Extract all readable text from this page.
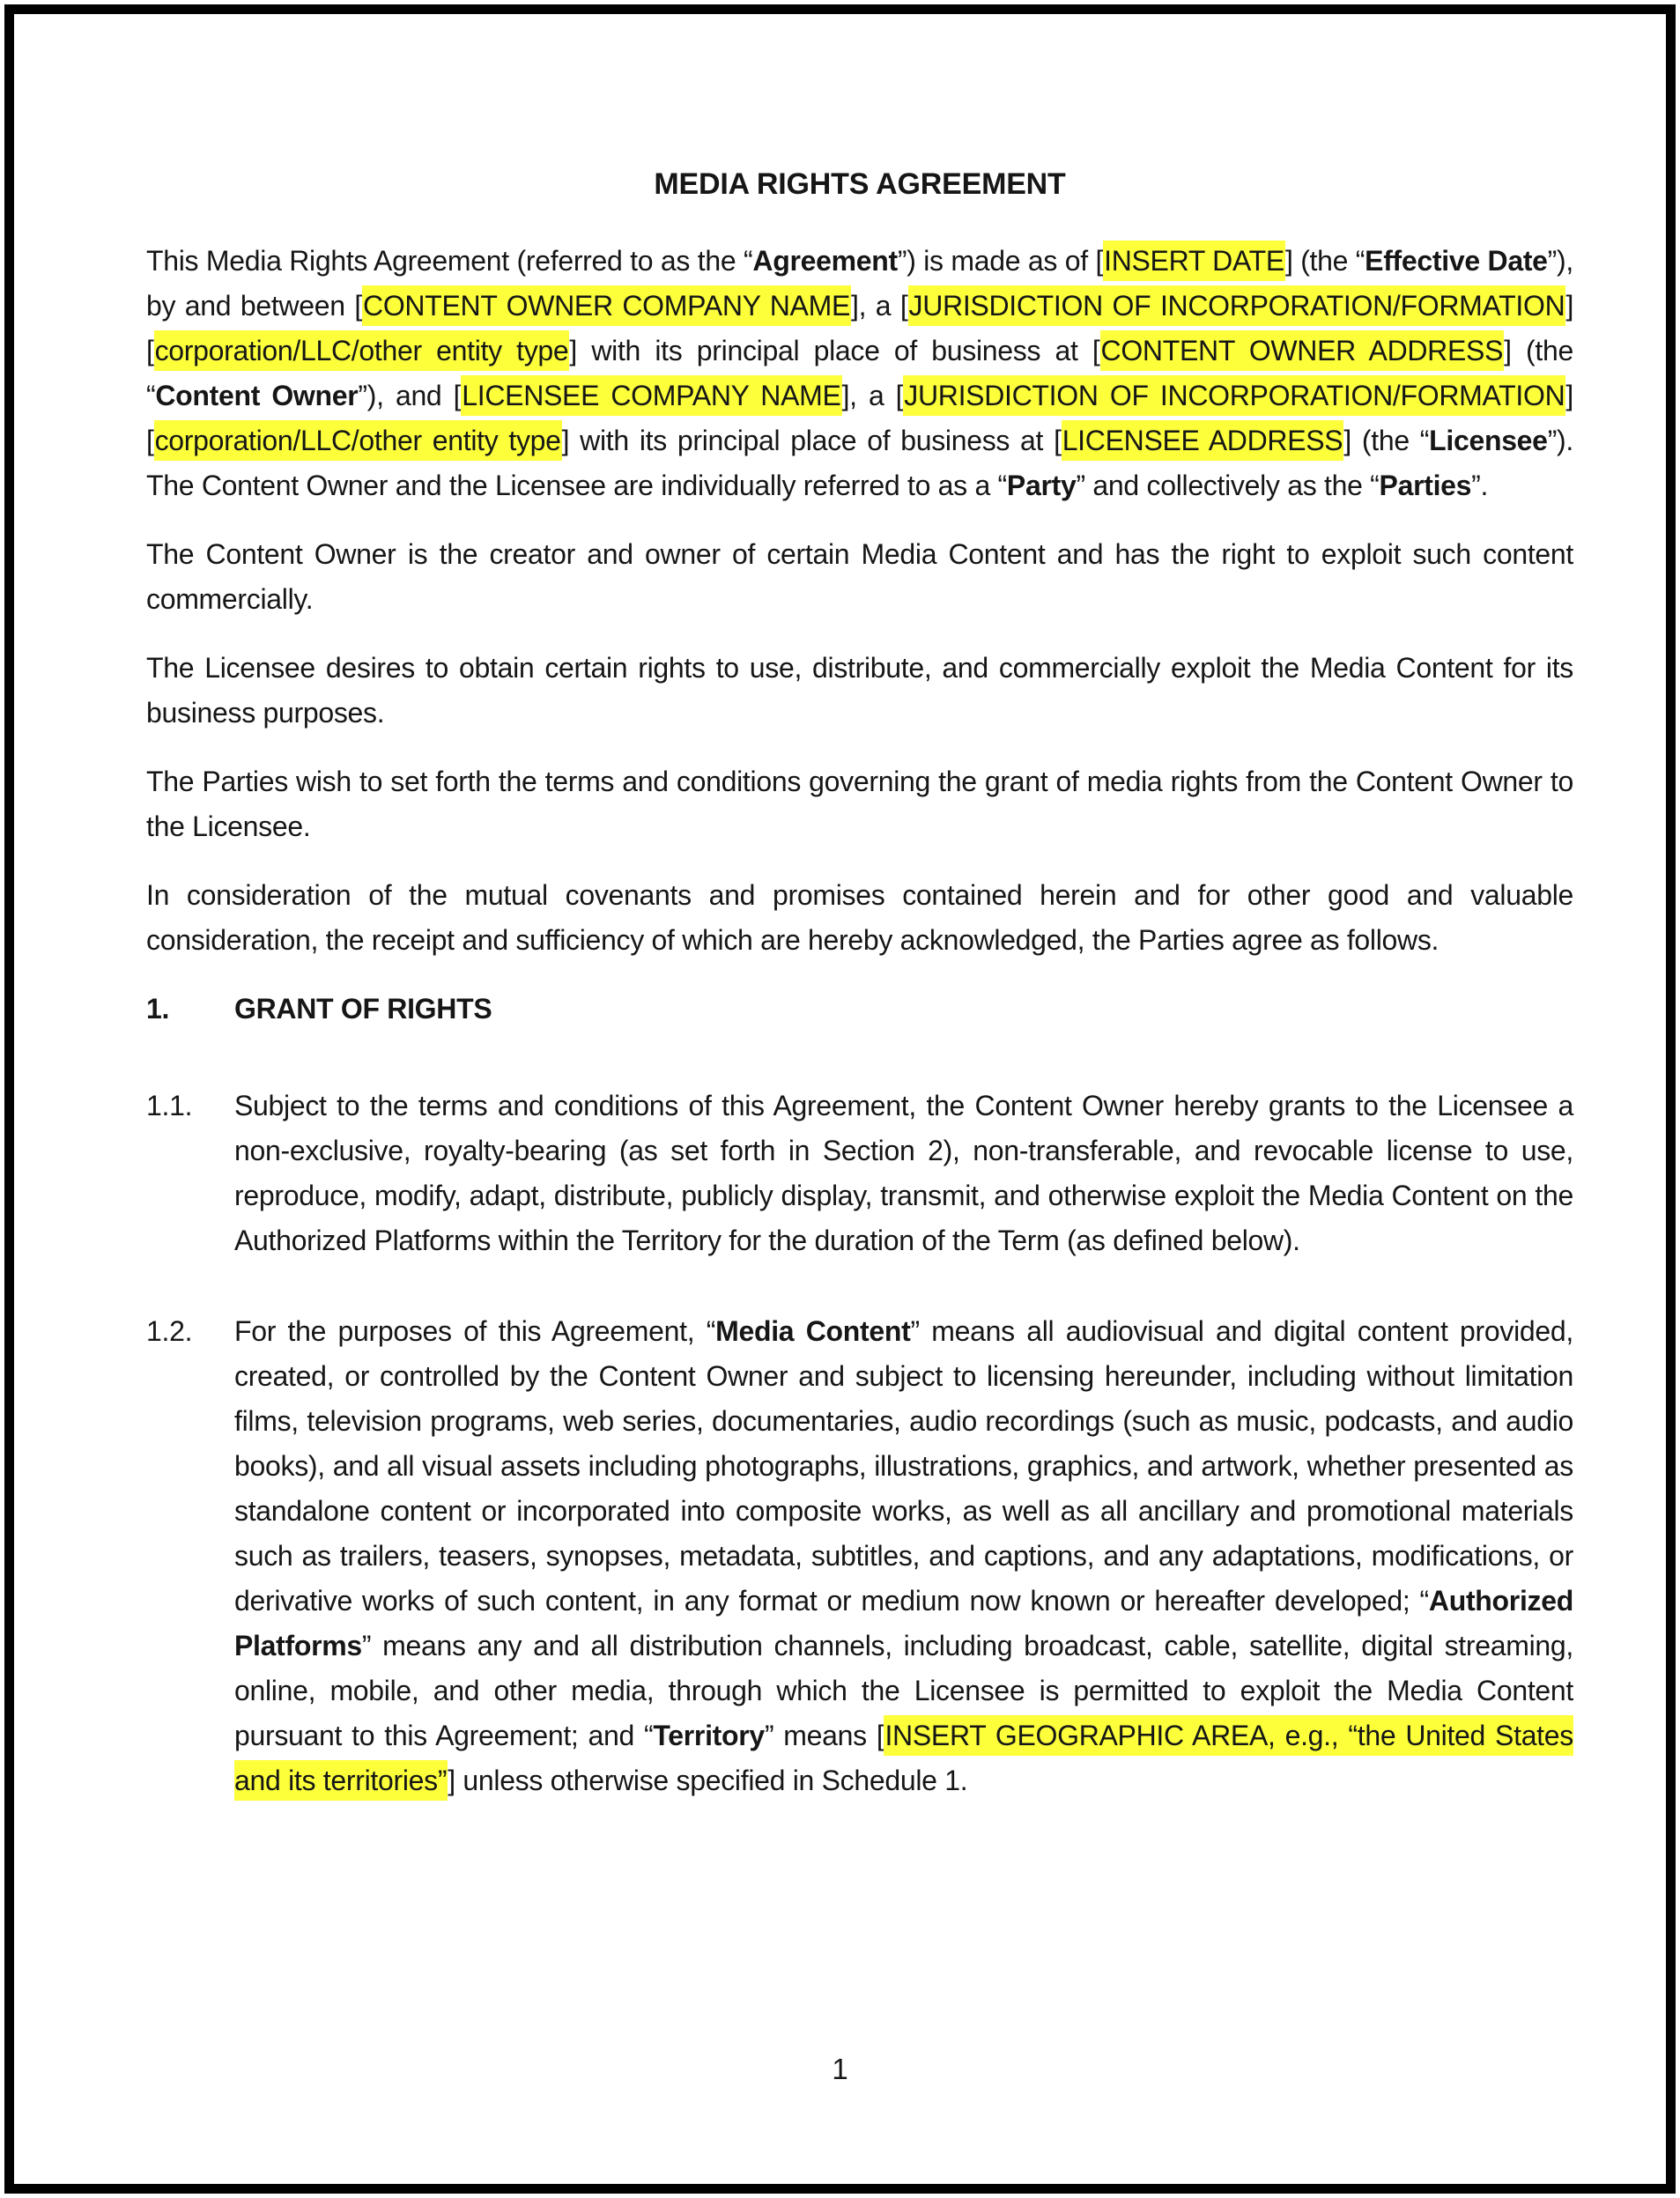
MEDIA RIGHTS AGREEMENT
This Media Rights Agreement (referred to as the “Agreement”) is made as of [INSERT DATE] (the “Effective Date”), by and between [CONTENT OWNER COMPANY NAME], a [JURISDICTION OF INCORPORATION/FORMATION] [corporation/LLC/other entity type] with its principal place of business at [CONTENT OWNER ADDRESS] (the “Content Owner”), and [LICENSEE COMPANY NAME], a [JURISDICTION OF INCORPORATION/FORMATION] [corporation/LLC/other entity type] with its principal place of business at [LICENSEE ADDRESS] (the “Licensee”). The Content Owner and the Licensee are individually referred to as a “Party” and collectively as the “Parties”.
The Content Owner is the creator and owner of certain Media Content and has the right to exploit such content commercially.
The Licensee desires to obtain certain rights to use, distribute, and commercially exploit the Media Content for its business purposes.
The Parties wish to set forth the terms and conditions governing the grant of media rights from the Content Owner to the Licensee.
In consideration of the mutual covenants and promises contained herein and for other good and valuable consideration, the receipt and sufficiency of which are hereby acknowledged, the Parties agree as follows.
1. GRANT OF RIGHTS
1.1. Subject to the terms and conditions of this Agreement, the Content Owner hereby grants to the Licensee a non-exclusive, royalty-bearing (as set forth in Section 2), non-transferable, and revocable license to use, reproduce, modify, adapt, distribute, publicly display, transmit, and otherwise exploit the Media Content on the Authorized Platforms within the Territory for the duration of the Term (as defined below).
1.2. For the purposes of this Agreement, “Media Content” means all audiovisual and digital content provided, created, or controlled by the Content Owner and subject to licensing hereunder, including without limitation films, television programs, web series, documentaries, audio recordings (such as music, podcasts, and audio books), and all visual assets including photographs, illustrations, graphics, and artwork, whether presented as standalone content or incorporated into composite works, as well as all ancillary and promotional materials such as trailers, teasers, synopses, metadata, subtitles, and captions, and any adaptations, modifications, or derivative works of such content, in any format or medium now known or hereafter developed; “Authorized Platforms” means any and all distribution channels, including broadcast, cable, satellite, digital streaming, online, mobile, and other media, through which the Licensee is permitted to exploit the Media Content pursuant to this Agreement; and “Territory” means [INSERT GEOGRAPHIC AREA, e.g., “the United States and its territories”] unless otherwise specified in Schedule 1.
1
